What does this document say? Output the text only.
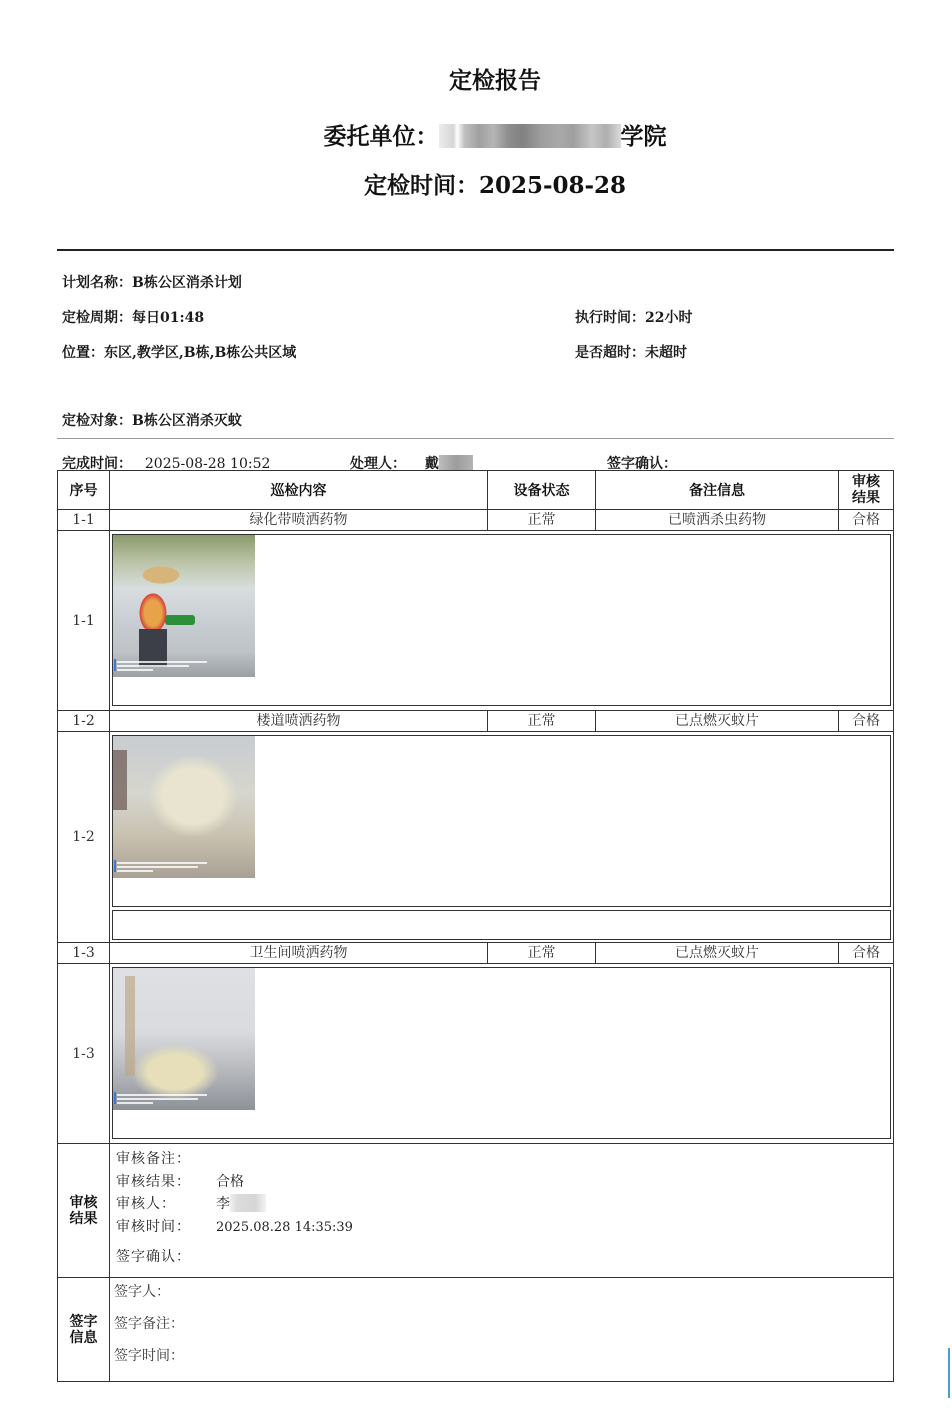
定检报告
委托单位：	学院
定检时间：2025-08-28
计划名称：B栋公区消杀计划
定检周期：每日01:48	执行时间：22小时
位置：东区,教学区,B栋,B栋公共区域	是否超时：未超时
定检对象：B栋公区消杀灭蚊
完成时间： 2025-08-28 10:52	处理人： 戴	签字确认：
序号	巡检内容	设备状态	备注信息	审核
结果

1-1	绿化带喷洒药物	正常	已喷洒杀虫药物	合格
1-1				

1-2	楼道喷洒药物	正常	已点燃灭蚊片	合格
1-2				

1-3	卫生间喷洒药物	正常	已点燃灭蚊片	合格
1-3				

审核
结果

审核备注：
审核结果： 合格
审核人：	李
审核时间： 2025.08.28 14:35:39
签字确认：

签字
信息

签字人：
签字备注：
签字时间：
